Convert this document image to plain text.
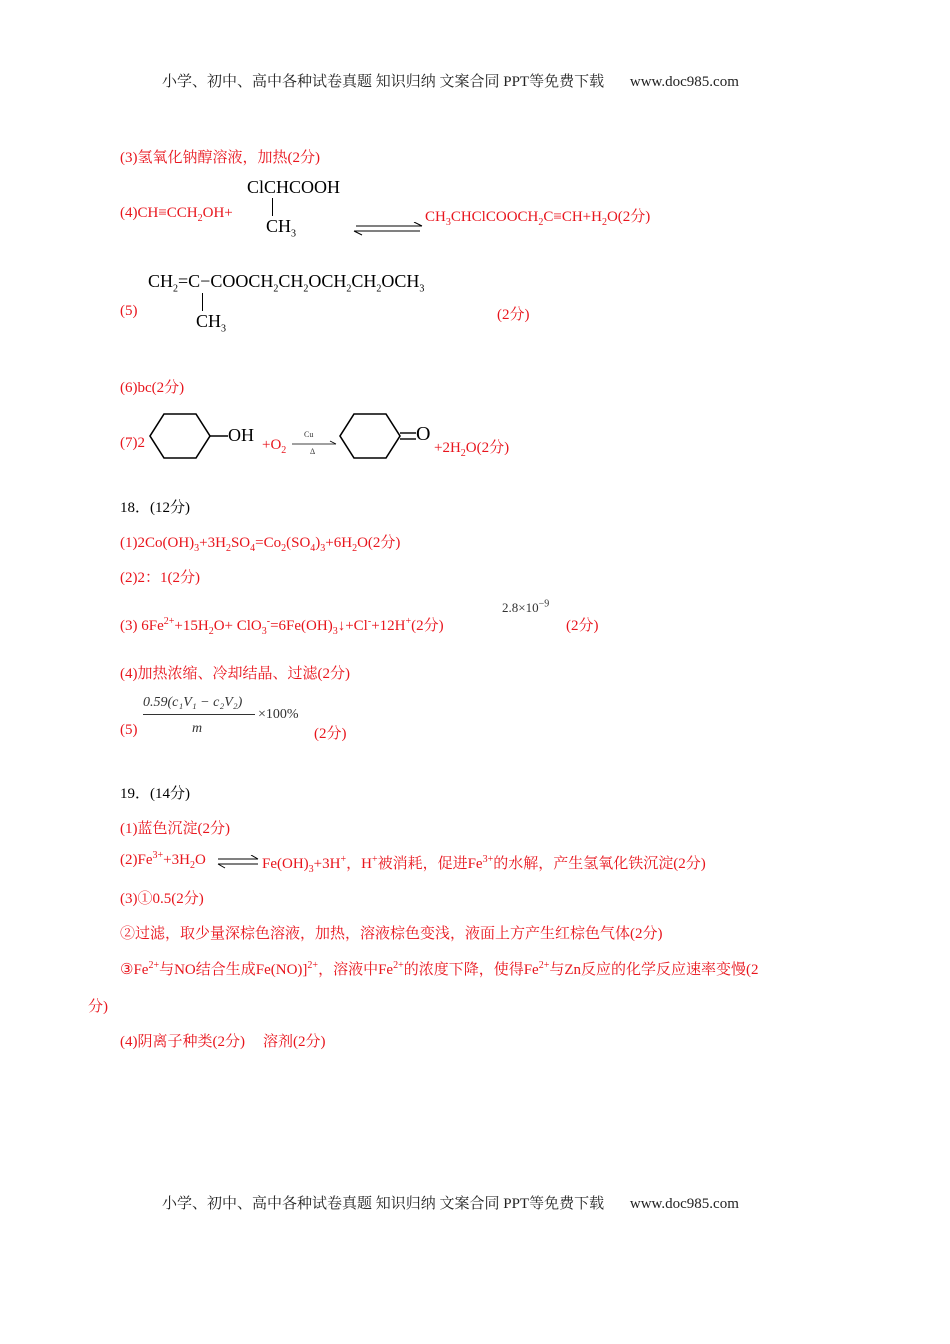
小学、初中、高中各种试卷真题 知识归纳 文案合同 PPT等免费下载 www.doc985.com
(3)氢氧化钠醇溶液，加热(2分)
ClCHCOOH
$CH_3$
$(4)CH\equiv CCH_2OH+$	$CH_3CHClCOOCH_2C\equiv CH+H_2O(2$分)
$CH_2=C-COOCH_2CH_2OCH_2CH_2OCH_3$
$CH_3$
(5)	(2分)
(6)bc(2分)
(7)2	OH $+O_2$
Cu
Δ
O
$+2H_2O(2$分)
18．(12分)
$(1)2Co(OH)_3+3H_2SO_4=Co_2(SO_4)_3+6H_2O(2$分)
(2)2：1(2分)
(3) $6Fe^{2+}+15H_2O+$ $ClO_3^-=6Fe(OH)_3↓+Cl^-+12H^+(2$分)
$2.8\times 10^{-9}$
(2分)
(4)加热浓缩、冷却结晶、过滤(2分)
(5)
0.59(c₁V₁ − c₂V₂)
m
×100%
(2分)
19．(14分)
(1)蓝色沉淀(2分)
$(2)Fe^{3+}+3H_2O$	$Fe(OH)_3+3H^+$，H+被消耗，促进$Fe^{3+}$的水解，产生氢氧化铁沉淀(2分)
(3)①0.5(2分)
②过滤，取少量深棕色溶液，加热，溶液棕色变浅，液面上方产生红棕色气体(2分)
$③Fe^{2+}$与NO结合生成Fe(NO)]$^{2+}$，溶液中$Fe^{2+}$的浓度下降，使得$Fe^{2+}$与Zn反应的化学反应速率变慢(2
分)
(4)阴离子种类(2分) 溶剂(2分)
小学、初中、高中各种试卷真题 知识归纳 文案合同 PPT等免费下载 www.doc985.com
